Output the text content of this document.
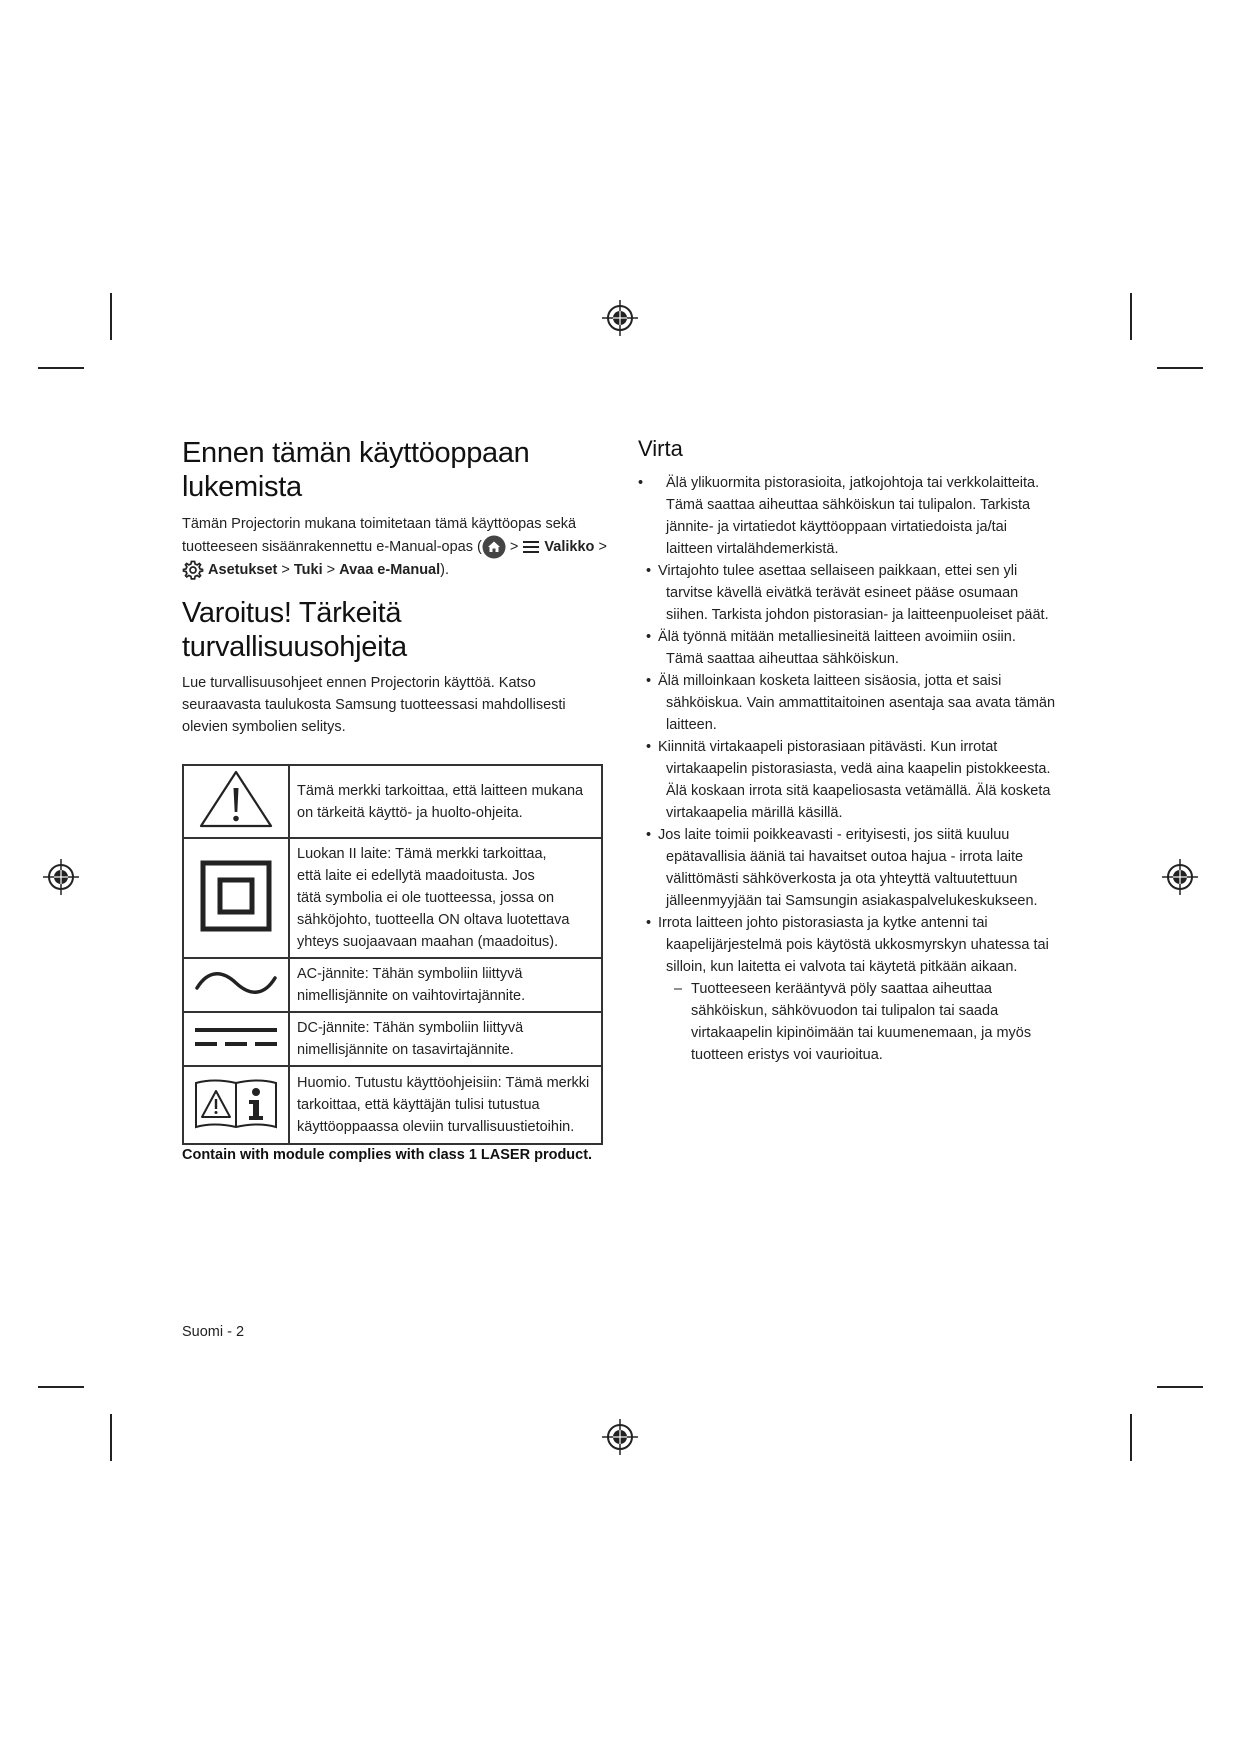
Ennen tämän käyttöoppaan
lukemista

Tämän Projectorin mukana toimitetaan tämä käyttöopas sekä
tuotteeseen sisäänrakennettu e-Manual-opas ( > Valikko >
Asetukset > Tuki > Avaa e-Manual).

Varoitus! Tärkeitä
turvallisuusohjeita

Lue turvallisuusohjeet ennen Projectorin käyttöä. Katso
seuraavasta taulukosta Samsung tuotteessasi mahdollisesti
olevien symbolien selitys.

	Tämä merkki tarkoittaa, että laitteen mukana
on tärkeitä käyttö- ja huolto-ohjeita.
	Luokan II laite: Tämä merkki tarkoittaa,
että laite ei edellytä maadoitusta. Jos
tätä symbolia ei ole tuotteessa, jossa on
sähköjohto, tuotteella ON oltava luotettava
yhteys suojaavaan maahan (maadoitus).
	AC-jännite: Tähän symboliin liittyvä
nimellisjännite on vaihtovirtajännite.
	DC-jännite: Tähän symboliin liittyvä
nimellisjännite on tasavirtajännite.
	Huomio. Tutustu käyttöohjeisiin: Tämä merkki
tarkoittaa, että käyttäjän tulisi tutustua
käyttöoppaassa oleviin turvallisuustietoihin.
Contain with module complies with class 1 LASER product.
Virta
• Älä ylikuormita pistorasioita, jatkojohtoja tai verkkolaitteita.
Tämä saattaa aiheuttaa sähköiskun tai tulipalon. Tarkista
jännite- ja virtatiedot käyttöoppaan virtatiedoista ja/tai
laitteen virtalähdemerkistä.
• Virtajohto tulee asettaa sellaiseen paikkaan, ettei sen yli
tarvitse kävellä eivätkä terävät esineet pääse osumaan
siihen. Tarkista johdon pistorasian- ja laitteenpuoleiset päät.
• Älä työnnä mitään metalliesineitä laitteen avoimiin osiin.
Tämä saattaa aiheuttaa sähköiskun.
• Älä milloinkaan kosketa laitteen sisäosia, jotta et saisi
sähköiskua. Vain ammattitaitoinen asentaja saa avata tämän
laitteen.
• Kiinnitä virtakaapeli pistorasiaan pitävästi. Kun irrotat
virtakaapelin pistorasiasta, vedä aina kaapelin pistokkeesta.
Älä koskaan irrota sitä kaapeliosasta vetämällä. Älä kosketa
virtakaapelia märillä käsillä.
• Jos laite toimii poikkeavasti - erityisesti, jos siitä kuuluu
epätavallisia ääniä tai havaitset outoa hajua - irrota laite
välittömästi sähköverkosta ja ota yhteyttä valtuutettuun
jälleenmyyjään tai Samsungin asiakaspalvelukeskukseen.
• Irrota laitteen johto pistorasiasta ja kytke antenni tai
kaapelijärjestelmä pois käytöstä ukkosmyrskyn uhatessa tai
silloin, kun laitetta ei valvota tai käytetä pitkään aikaan.
– Tuotteeseen kerääntyvä pöly saattaa aiheuttaa
sähköiskun, sähkövuodon tai tulipalon tai saada
virtakaapelin kipinöimään tai kuumenemaan, ja myös
tuotteen eristys voi vaurioitua.
Suomi - 2
